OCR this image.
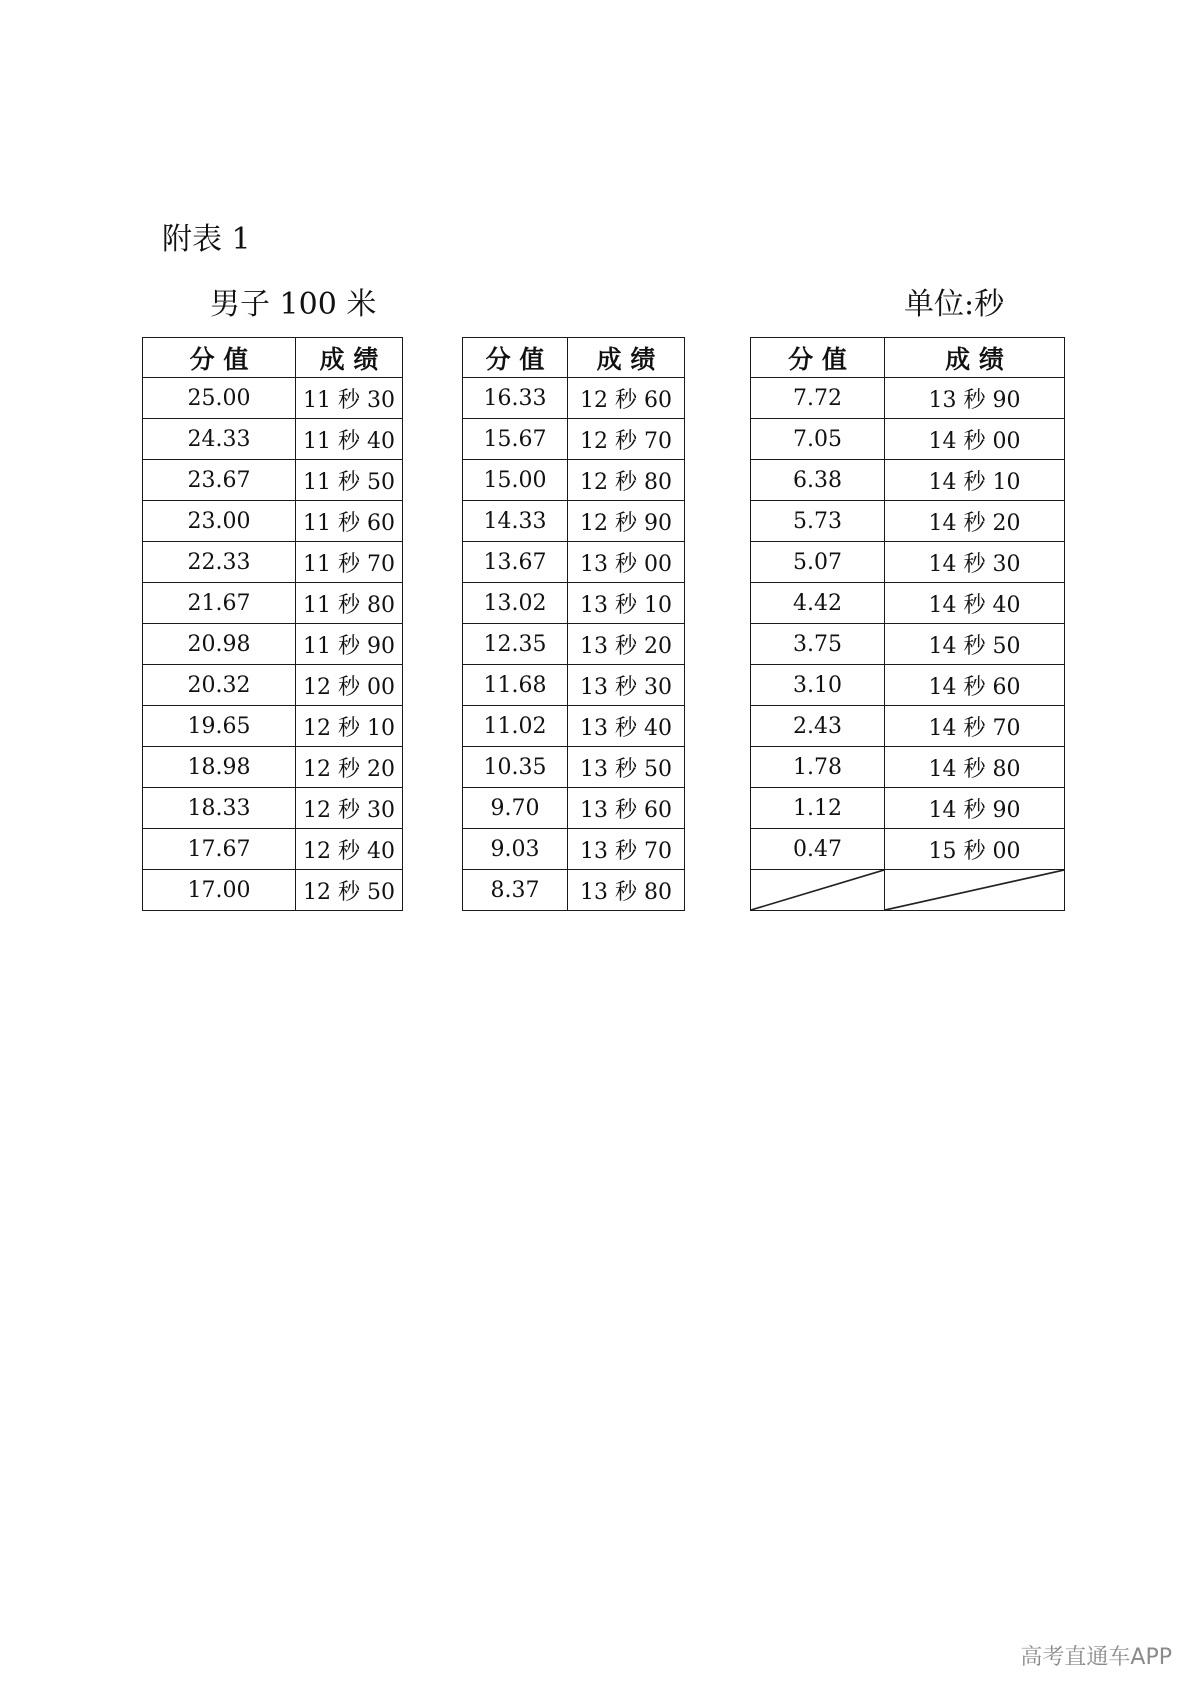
附表 1
男子 100 米	单位:秒
分 值	成 绩		分 值	成 绩		分 值	成 绩
25.00	11 秒 30		16.33	12 秒 60		7.72	13 秒 90
24.33	11 秒 40		15.67	12 秒 70		7.05	14 秒 00
23.67	11 秒 50		15.00	12 秒 80		6.38	14 秒 10
23.00	11 秒 60		14.33	12 秒 90		5.73	14 秒 20
22.33	11 秒 70		13.67	13 秒 00		5.07	14 秒 30
21.67	11 秒 80		13.02	13 秒 10		4.42	14 秒 40
20.98	11 秒 90		12.35	13 秒 20		3.75	14 秒 50
20.32	12 秒 00		11.68	13 秒 30		3.10	14 秒 60
19.65	12 秒 10		11.02	13 秒 40		2.43	14 秒 70
18.98	12 秒 20		10.35	13 秒 50		1.78	14 秒 80
18.33	12 秒 30		9.70	13 秒 60		1.12	14 秒 90
17.67	12 秒 40		9.03	13 秒 70		0.47	15 秒 00
17.00	12 秒 50		8.37	13 秒 80		

高考直通车APP
